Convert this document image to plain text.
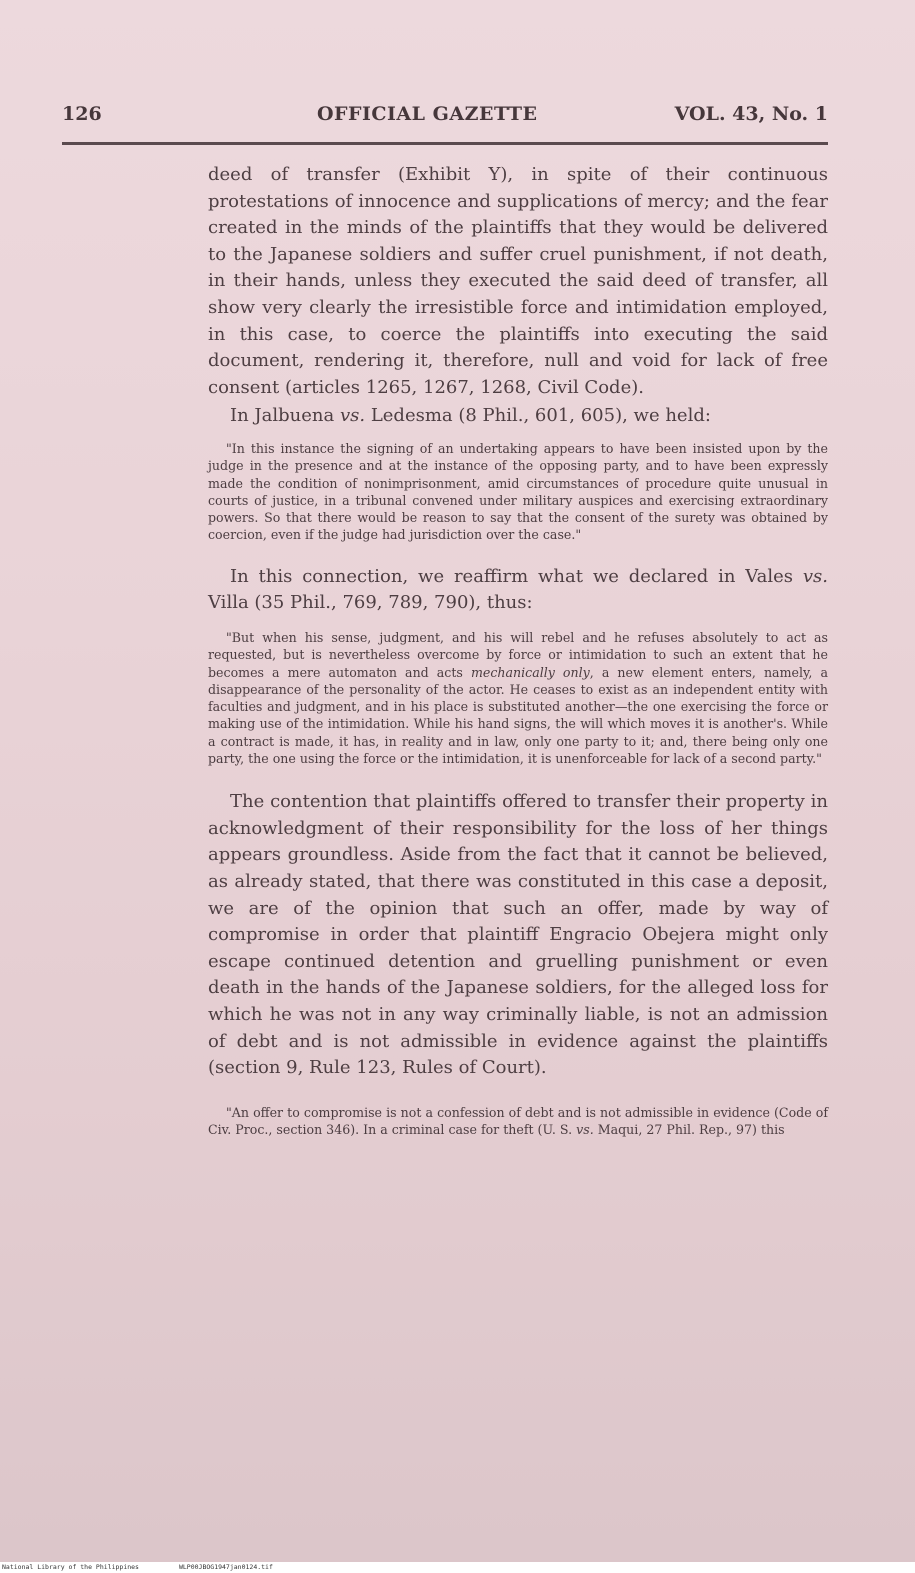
126	OFFICIAL GAZETTE	VOL. 43, No. 1

deed of transfer (Exhibit Y), in spite of their continuous protestations of innocence and supplications of mercy; and the fear created in the minds of the plaintiffs that they would be delivered to the Japanese soldiers and suffer cruel punishment, if not death, in their hands, unless they executed the said deed of transfer, all show very clearly the irresistible force and intimidation employed, in this case, to coerce the plaintiffs into executing the said document, rendering it, therefore, null and void for lack of free consent (articles 1265, 1267, 1268, Civil Code).

In Jalbuena vs. Ledesma (8 Phil., 601, 605), we held:

"In this instance the signing of an undertaking appears to have been insisted upon by the judge in the presence and at the instance of the opposing party, and to have been expressly made the condition of nonimprisonment, amid circumstances of procedure quite unusual in courts of justice, in a tribunal convened under military auspices and exercising extraordinary powers. So that there would be reason to say that the consent of the surety was obtained by coercion, even if the judge had jurisdiction over the case."

In this connection, we reaffirm what we declared in Vales vs. Villa (35 Phil., 769, 789, 790), thus:

"But when his sense, judgment, and his will rebel and he refuses absolutely to act as requested, but is nevertheless overcome by force or intimidation to such an extent that he becomes a mere automaton and acts mechanically only, a new element enters, namely, a disappearance of the personality of the actor. He ceases to exist as an independent entity with faculties and judgment, and in his place is substituted another—the one exercising the force or making use of the intimidation. While his hand signs, the will which moves it is another's. While a contract is made, it has, in reality and in law, only one party to it; and, there being only one party, the one using the force or the intimidation, it is unenforceable for lack of a second party."

The contention that plaintiffs offered to transfer their property in acknowledgment of their responsibility for the loss of her things appears groundless. Aside from the fact that it cannot be believed, as already stated, that there was constituted in this case a deposit, we are of the opinion that such an offer, made by way of compromise in order that plaintiff Engracio Obejera might only escape continued detention and gruelling punishment or even death in the hands of the Japanese soldiers, for the alleged loss for which he was not in any way criminally liable, is not an admission of debt and is not admissible in evidence against the plaintiffs (section 9, Rule 123, Rules of Court).

"An offer to compromise is not a confession of debt and is not admissible in evidence (Code of Civ. Proc., section 346). In a criminal case for theft (U. S. vs. Maqui, 27 Phil. Rep., 97) this

National Library of the Philippines	WLP00JBOG1947jan0124.tif
